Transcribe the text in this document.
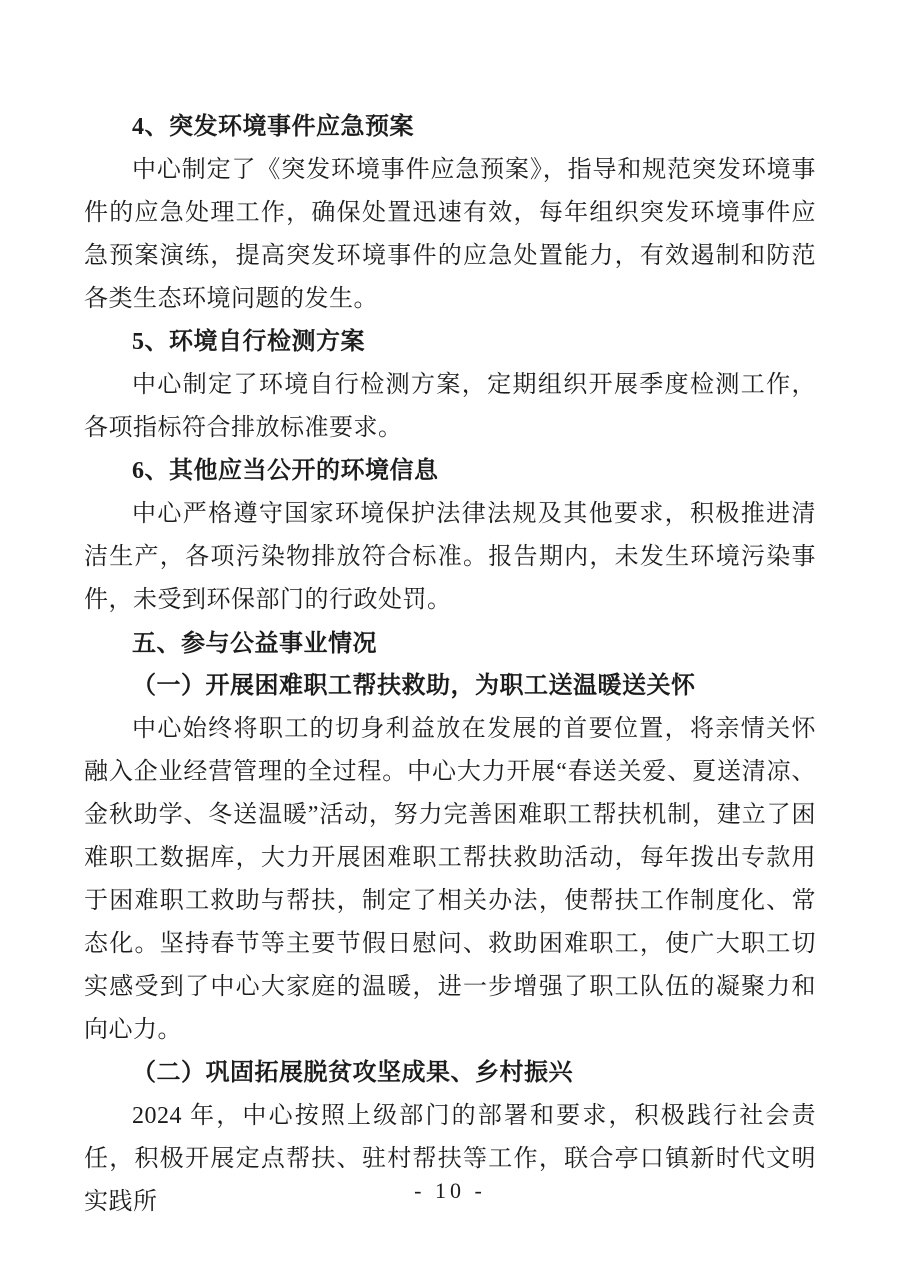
4、突发环境事件应急预案

中心制定了《突发环境事件应急预案》，指导和规范突发环境事件的应急处理工作，确保处置迅速有效，每年组织突发环境事件应急预案演练，提高突发环境事件的应急处置能力，有效遏制和防范各类生态环境问题的发生。

5、环境自行检测方案

中心制定了环境自行检测方案，定期组织开展季度检测工作，各项指标符合排放标准要求。

6、其他应当公开的环境信息

中心严格遵守国家环境保护法律法规及其他要求，积极推进清洁生产，各项污染物排放符合标准。报告期内，未发生环境污染事件，未受到环保部门的行政处罚。

五、参与公益事业情况

（一）开展困难职工帮扶救助，为职工送温暖送关怀

中心始终将职工的切身利益放在发展的首要位置，将亲情关怀融入企业经营管理的全过程。中心大力开展“春送关爱、夏送清凉、金秋助学、冬送温暖”活动，努力完善困难职工帮扶机制，建立了困难职工数据库，大力开展困难职工帮扶救助活动，每年拨出专款用于困难职工救助与帮扶，制定了相关办法，使帮扶工作制度化、常态化。坚持春节等主要节假日慰问、救助困难职工，使广大职工切实感受到了中心大家庭的温暖，进一步增强了职工队伍的凝聚力和向心力。

（二）巩固拓展脱贫攻坚成果、乡村振兴

2024 年，中心按照上级部门的部署和要求，积极践行社会责任，积极开展定点帮扶、驻村帮扶等工作，联合亭口镇新时代文明实践所	- 10 -
